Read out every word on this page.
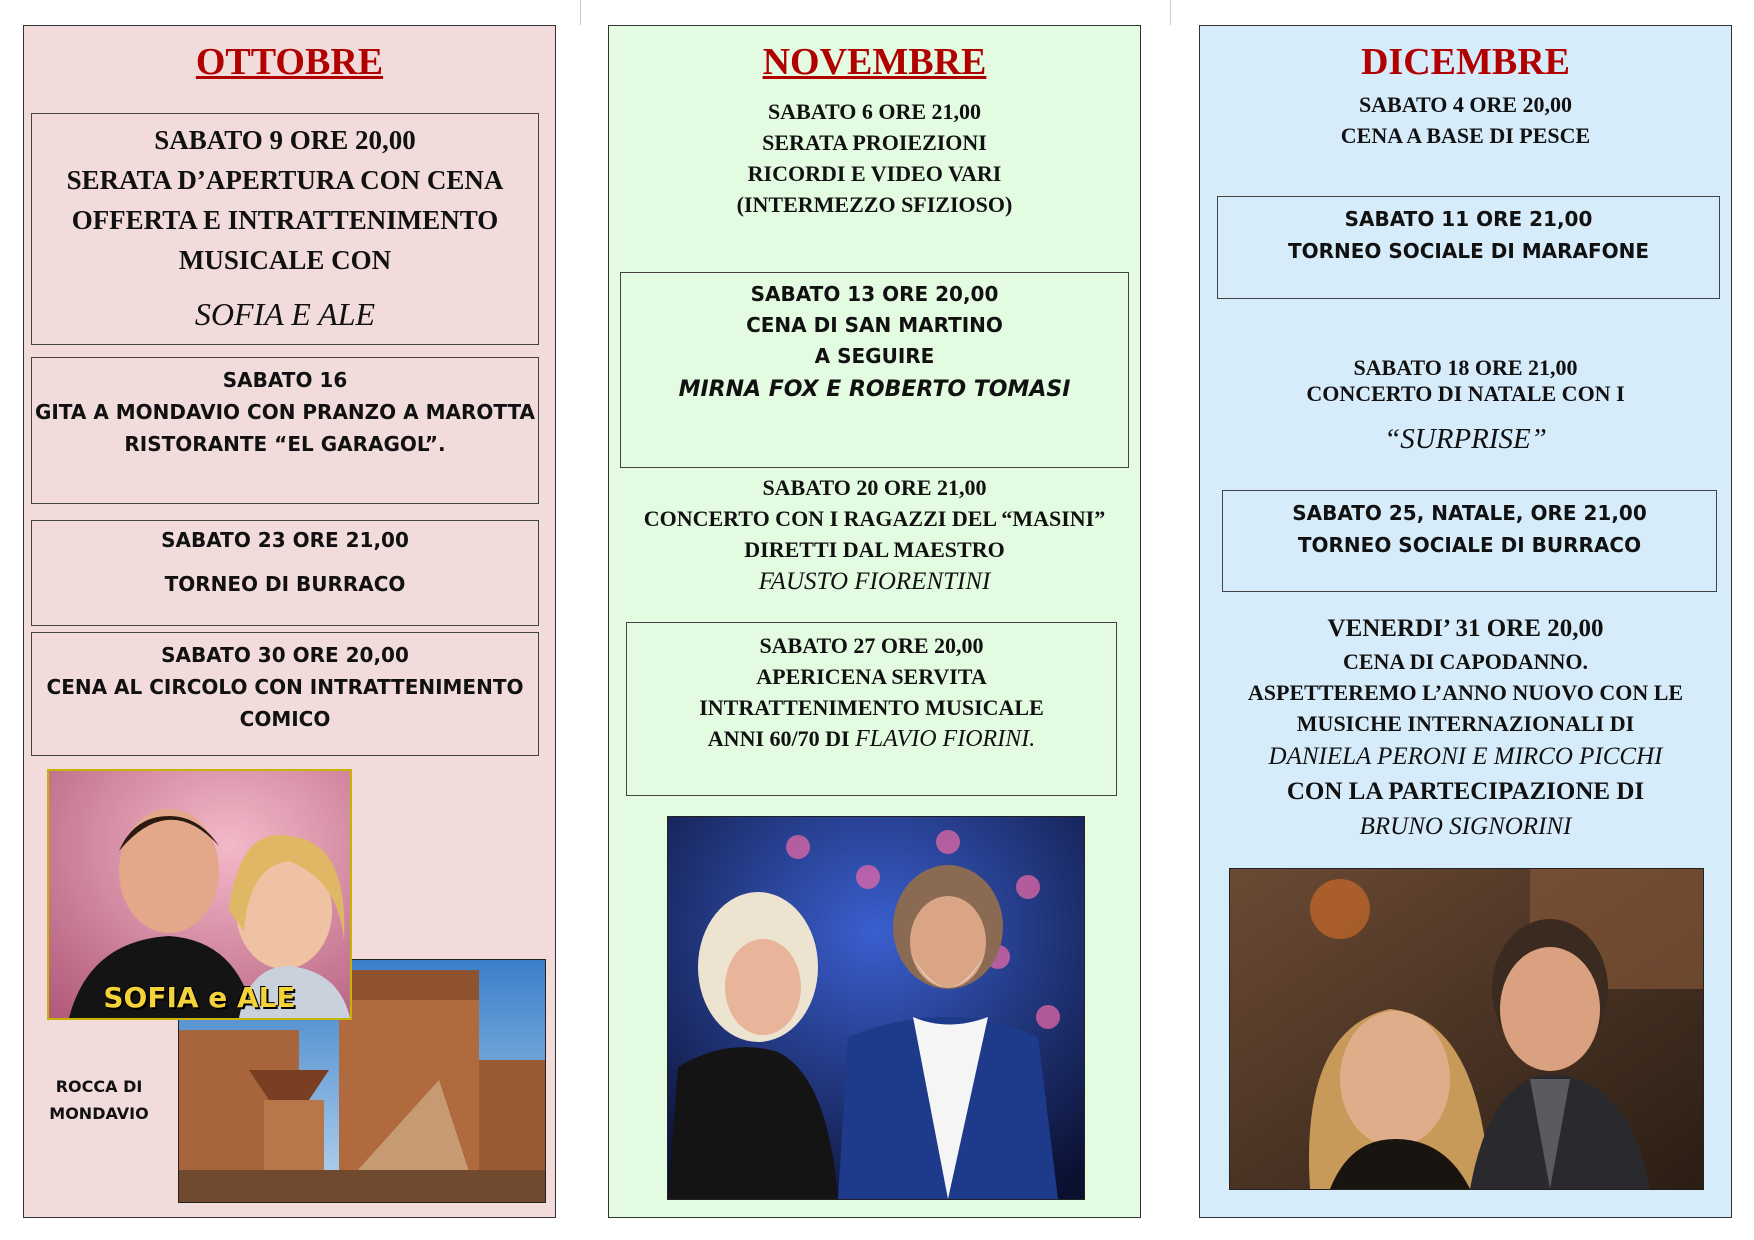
OTTOBRE
SABATO 9 ORE 20,00
SERATA D’APERTURA CON CENA
OFFERTA E INTRATTENIMENTO
MUSICALE CON
SOFIA E ALE
SABATO 16
GITA A MONDAVIO CON PRANZO A MAROTTA
RISTORANTE “EL GARAGOL”.
SABATO 23 ORE 21,00
TORNEO DI BURRACO
SABATO 30 ORE 20,00
CENA AL CIRCOLO CON INTRATTENIMENTO
COMICO
SOFIA e ALE
ROCCA DI
MONDAVIO
NOVEMBRE
SABATO 6 ORE 21,00
SERATA PROIEZIONI
RICORDI E VIDEO VARI
(INTERMEZZO SFIZIOSO)
SABATO 13 ORE 20,00
CENA DI SAN MARTINO
A SEGUIRE
MIRNA FOX E ROBERTO TOMASI
SABATO 20 ORE 21,00
CONCERTO CON I RAGAZZI DEL “MASINI”
DIRETTI DAL MAESTRO
FAUSTO FIORENTINI
SABATO 27 ORE 20,00
APERICENA SERVITA
INTRATTENIMENTO MUSICALE
ANNI 60/70 DI FLAVIO FIORINI.
DICEMBRE
SABATO 4 ORE 20,00
CENA A BASE DI PESCE
SABATO 11 ORE 21,00
TORNEO SOCIALE DI MARAFONE
SABATO 18 ORE 21,00
CONCERTO DI NATALE CON I
“SURPRISE”
SABATO 25, NATALE, ORE 21,00
TORNEO SOCIALE DI BURRACO
VENERDI’ 31 ORE 20,00
CENA DI CAPODANNO.
ASPETTEREMO L’ANNO NUOVO CON LE
MUSICHE INTERNAZIONALI DI
DANIELA PERONI E MIRCO PICCHI
CON LA PARTECIPAZIONE DI
BRUNO SIGNORINI
